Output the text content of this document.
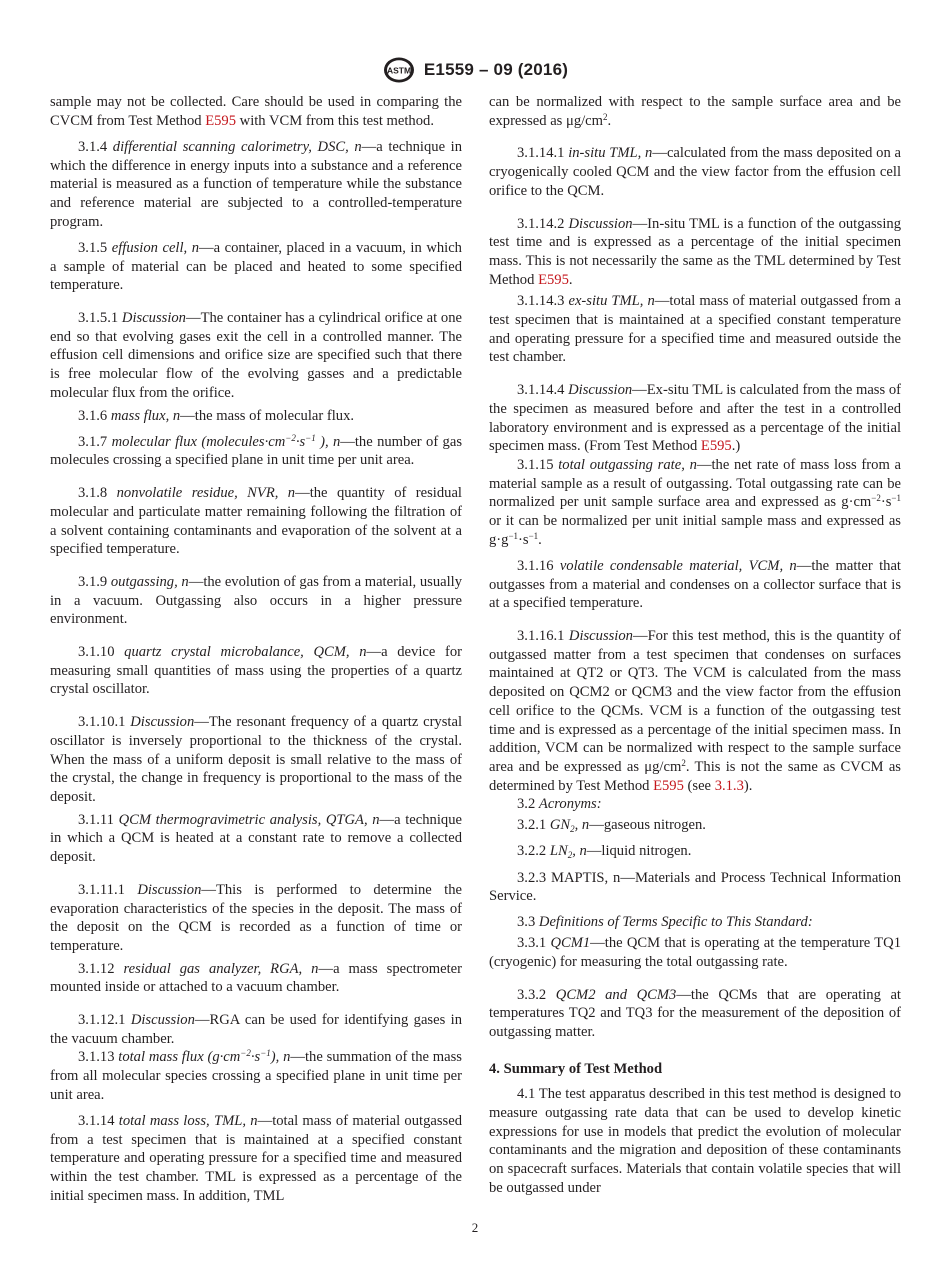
ASTM E1559 – 09 (2016)

sample may not be collected. Care should be used in comparing the CVCM from Test Method E595 with VCM from this test method.

3.1.4 differential scanning calorimetry, DSC, n—a technique in which the difference in energy inputs into a substance and a reference material is measured as a function of temperature while the substance and reference material are subjected to a controlled-temperature program.

3.1.5 effusion cell, n—a container, placed in a vacuum, in which a sample of material can be placed and heated to some specified temperature.

3.1.5.1 Discussion—The container has a cylindrical orifice at one end so that evolving gases exit the cell in a controlled manner. The effusion cell dimensions and orifice size are specified such that there is free molecular flow of the evolving gasses and a predictable molecular flux from the orifice.

3.1.6 mass flux, n—the mass of molecular flux.

3.1.7 molecular flux ($molecules\cdot cm^{-2}\cdot s^{-1}$ ), n—the number of gas molecules crossing a specified plane in unit time per unit area.

3.1.8 nonvolatile residue, NVR, n—the quantity of residual molecular and particulate matter remaining following the filtration of a solvent containing contaminants and evaporation of the solvent at a specified temperature.

3.1.9 outgassing, n—the evolution of gas from a material, usually in a vacuum. Outgassing also occurs in a higher pressure environment.

3.1.10 quartz crystal microbalance, QCM, n—a device for measuring small quantities of mass using the properties of a quartz crystal oscillator.

3.1.10.1 Discussion—The resonant frequency of a quartz crystal oscillator is inversely proportional to the thickness of the crystal. When the mass of a uniform deposit is small relative to the mass of the crystal, the change in frequency is proportional to the mass of the deposit.

3.1.11 QCM thermogravimetric analysis, QTGA, n—a technique in which a QCM is heated at a constant rate to remove a collected deposit.

3.1.11.1 Discussion—This is performed to determine the evaporation characteristics of the species in the deposit. The mass of the deposit on the QCM is recorded as a function of time or temperature.

3.1.12 residual gas analyzer, RGA, n—a mass spectrometer mounted inside or attached to a vacuum chamber.

3.1.12.1 Discussion—RGA can be used for identifying gases in the vacuum chamber.

3.1.13 total mass flux $(g\cdot cm^{-2}\cdot s^{-1})$, n—the summation of the mass from all molecular species crossing a specified plane in unit time per unit area.

3.1.14 total mass loss, TML, n—total mass of material outgassed from a test specimen that is maintained at a specified constant temperature and operating pressure for a specified time and measured within the test chamber. TML is expressed as a percentage of the initial specimen mass. In addition, TML

can be normalized with respect to the sample surface area and be expressed as $\mu g/cm^2$.

3.1.14.1 in-situ TML, n—calculated from the mass deposited on a cryogenically cooled QCM and the view factor from the effusion cell orifice to the QCM.

3.1.14.2 Discussion—In-situ TML is a function of the outgassing test time and is expressed as a percentage of the initial specimen mass. This is not necessarily the same as the TML determined by Test Method E595.

3.1.14.3 ex-situ TML, n—total mass of material outgassed from a test specimen that is maintained at a specified constant temperature and operating pressure for a specified time and measured outside the test chamber.

3.1.14.4 Discussion—Ex-situ TML is calculated from the mass of the specimen as measured before and after the test in a controlled laboratory environment and is expressed as a percentage of the initial specimen mass. (From Test Method E595.)

3.1.15 total outgassing rate, n—the net rate of mass loss from a material sample as a result of outgassing. Total outgassing rate can be normalized per unit sample surface area and expressed as $g\cdot cm^{-2}\cdot s^{-1}$ or it can be normalized per unit initial sample mass and expressed as $g\cdot g^{-1}\cdot s^{-1}$.

3.1.16 volatile condensable material, VCM, n—the matter that outgasses from a material and condenses on a collector surface that is at a specified temperature.

3.1.16.1 Discussion—For this test method, this is the quantity of outgassed matter from a test specimen that condenses on surfaces maintained at QT2 or QT3. The VCM is calculated from the mass deposited on QCM2 or QCM3 and the view factor from the effusion cell orifice to the QCMs. VCM is a function of the outgassing test time and is expressed as a percentage of the initial specimen mass. In addition, VCM can be normalized with respect to the sample surface area and be expressed as $\mu g/cm^2$. This is not the same as CVCM as determined by Test Method E595 (see 3.1.3).

3.2 Acronyms:

3.2.1 $GN_2$, n—gaseous nitrogen.

3.2.2 $LN_2$, n—liquid nitrogen.

3.2.3 MAPTIS, n—Materials and Process Technical Information Service.

3.3 Definitions of Terms Specific to This Standard:

3.3.1 QCM1—the QCM that is operating at the temperature TQ1 (cryogenic) for measuring the total outgassing rate.

3.3.2 QCM2 and QCM3—the QCMs that are operating at temperatures TQ2 and TQ3 for the measurement of the deposition of outgassing matter.

4. Summary of Test Method

4.1 The test apparatus described in this test method is designed to measure outgassing rate data that can be used to develop kinetic expressions for use in models that predict the evolution of molecular contaminants and the migration and deposition of these contaminants on spacecraft surfaces. Materials that contain volatile species that will be outgassed under

2
